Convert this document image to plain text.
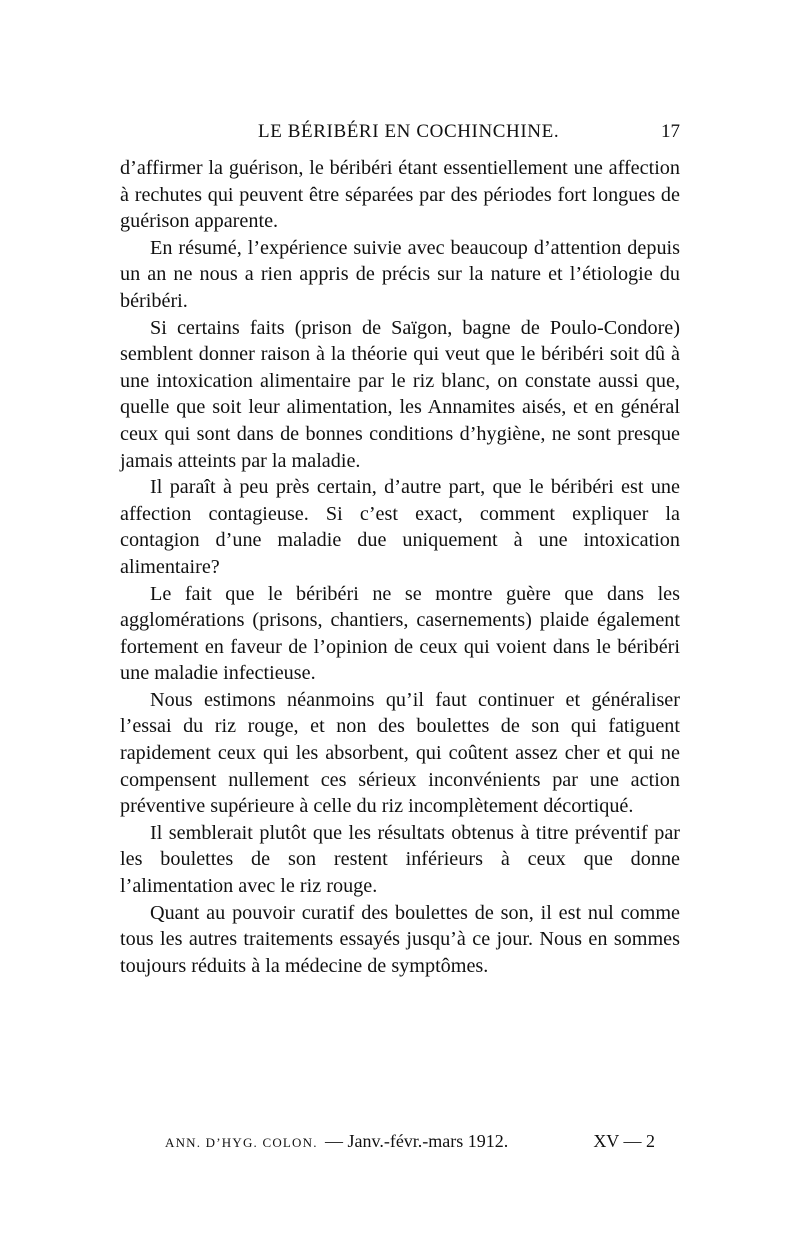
LE BÉRIBÉRI EN COCHINCHINE.	17

d’affirmer la guérison, le béribéri étant essentiellement une affection à rechutes qui peuvent être séparées par des périodes fort longues de guérison apparente.

En résumé, l’expérience suivie avec beaucoup d’attention depuis un an ne nous a rien appris de précis sur la nature et l’étiologie du béribéri.

Si certains faits (prison de Saïgon, bagne de Poulo-Condore) semblent donner raison à la théorie qui veut que le béribéri soit dû à une intoxication alimentaire par le riz blanc, on constate aussi que, quelle que soit leur alimentation, les Annamites aisés, et en général ceux qui sont dans de bonnes conditions d’hygiène, ne sont presque jamais atteints par la maladie.

Il paraît à peu près certain, d’autre part, que le béribéri est une affection contagieuse. Si c’est exact, comment expliquer la contagion d’une maladie due uniquement à une intoxication alimentaire?

Le fait que le béribéri ne se montre guère que dans les agglomérations (prisons, chantiers, casernements) plaide également fortement en faveur de l’opinion de ceux qui voient dans le béribéri une maladie infectieuse.

Nous estimons néanmoins qu’il faut continuer et généraliser l’essai du riz rouge, et non des boulettes de son qui fatiguent rapidement ceux qui les absorbent, qui coûtent assez cher et qui ne compensent nullement ces sérieux inconvénients par une action préventive supérieure à celle du riz incomplètement décortiqué.

Il semblerait plutôt que les résultats obtenus à titre préventif par les boulettes de son restent inférieurs à ceux que donne l’alimentation avec le riz rouge.

Quant au pouvoir curatif des boulettes de son, il est nul comme tous les autres traitements essayés jusqu’à ce jour. Nous en sommes toujours réduits à la médecine de symptômes.

ANN. D’HYG. COLON. — Janv.-févr.-mars 1912.	XV — 2
